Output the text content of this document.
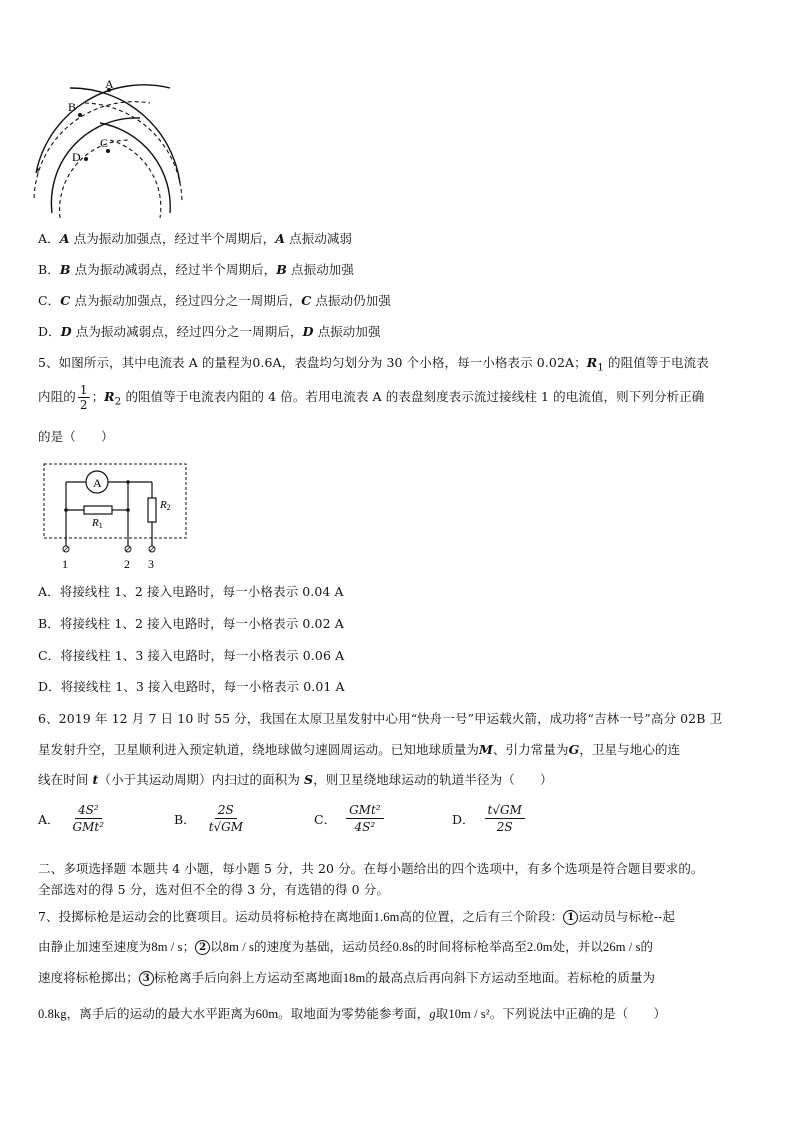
A
B
C
D
A．A 点为振动加强点，经过半个周期后，A 点振动减弱
B．B 点为振动减弱点，经过半个周期后，B 点振动加强
C．C 点为振动加强点，经过四分之一周期后，C 点振动仍加强
D．D 点为振动减弱点，经过四分之一周期后，D 点振动加强
5、如图所示，其中电流表 A 的量程为0.6A，表盘均匀划分为 30 个小格，每一小格表示 0.02A；$R_1$ 的阻值等于电流表
内阻的 $\frac{1}{2}$ ；$R_2$ 的阻值等于电流表内阻的 4 倍。若用电流表 A 的表盘刻度表示流过接线柱 1 的电流值，则下列分析正确
的是（　　）
A
R1
R2
1	2 3
A．将接线柱 1、2 接入电路时，每一小格表示 0.04 A
B．将接线柱 1、2 接入电路时，每一小格表示 0.02 A
C．将接线柱 1、3 接入电路时，每一小格表示 0.06 A
D．将接线柱 1、3 接入电路时，每一小格表示 0.01 A
6、2019 年 12 月 7 日 10 时 55 分，我国在太原卫星发射中心用“快舟一号”甲运载火箭，成功将“吉林一号”高分 02B 卫
星发射升空，卫星顺利进入预定轨道，绕地球做匀速圆周运动。已知地球质量为M、引力常量为G，卫星与地心的连
线在时间 t（小于其运动周期）内扫过的面积为 S，则卫星绕地球运动的轨道半径为（　　）
A． $\frac{\text{4S²}}{\text{GMt²}}$	B． $\frac{2S}{t√GM}$	C． $\frac{\text{GMt²}}{\text{4S²}}$	D． $\frac{t√GM}{2S}$
二、多项选择题 本题共 4 小题，每小题 5 分，共 20 分。在每小题给出的四个选项中，有多个选项是符合题目要求的。
全部选对的得 5 分，选对但不全的得 3 分，有选错的得 0 分。
7、投掷标枪是运动会的比赛项目。运动员将标枪持在离地面1.6m高的位置，之后有三个阶段： 1 运动员与标枪--起
由静止加速至速度为8m / s； 2 以8m / s的速度为基础，运动员经0.8s的时间将标枪举高至2.0m处，并以26m / s的
速度将标枪掷出； 3 标枪离手后向斜上方运动至离地面18m的最高点后再向斜下方运动至地面。若标枪的质量为
0.8kg，离手后的运动的最大水平距离为60m。取地面为零势能参考面，g取10m / s²。下列说法中正确的是（　　）
